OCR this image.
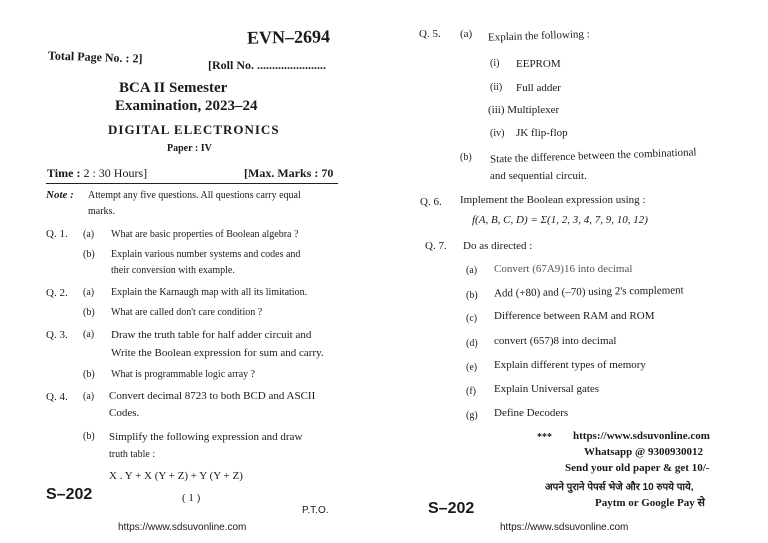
EVN–2694
Total Page No. : 2]	[Roll No. .......................
BCA II Semester
Examination, 2023–24
DIGITAL ELECTRONICS
Paper : IV
Time : 2 : 30 Hours]	[Max. Marks : 70
Note : Attempt any five questions. All questions carry equal
marks.
Q. 1. (a) What are basic properties of Boolean algebra ?
(b) Explain various number systems and codes and
their conversion with example.
Q. 2. (a) Explain the Karnaugh map with all its limitation.
(b) What are called don't care condition ?
Q. 3. (a) Draw the truth table for half adder circuit and
Write the Boolean expression for sum and carry.
(b) What is programmable logic array ?
Q. 4. (a) Convert decimal 8723 to both BCD and ASCII
Codes.
(b) Simplify the following expression and draw
truth table :
X . Y + X (Y + Z) + Y (Y + Z)
( 1 )
S–202
P.T.O.
https://www.sdsuvonline.com
Q. 5. (a) Explain the following :
(i) EEPROM
(ii) Full adder
(iii) Multiplexer
(iv) JK flip-flop
(b) State the difference between the combinational
and sequential circuit.
Q. 6. Implement the Boolean expression using :
f(A, B, C, D) = Σ(1, 2, 3, 4, 7, 9, 10, 12)
Q. 7. Do as directed :
(a) Convert (67A9)16 into decimal
(b) Add (+80) and (–70) using 2's complement
(c) Difference between RAM and ROM
(d) convert (657)8 into decimal
(e) Explain different types of memory
(f) Explain Universal gates
(g) Define Decoders
*** https://www.sdsuvonline.com
Whatsapp @ 9300930012
Send your old paper & get 10/-
अपने पुराने पेपर्स भेजे और 10 रुपये पाये,
Paytm or Google Pay से
S–202
https://www.sdsuvonline.com
